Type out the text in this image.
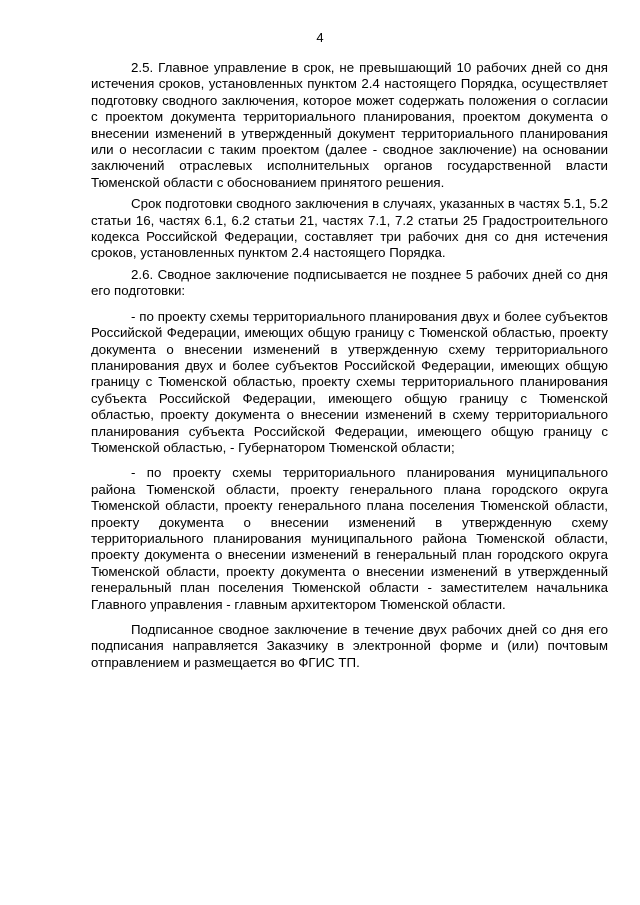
4

2.5. Главное управление в срок, не превышающий 10 рабочих дней со дня истечения сроков, установленных пунктом 2.4 настоящего Порядка, осуществляет подготовку сводного заключения, которое может содержать положения о согласии с проектом документа территориального планирования, проектом документа о внесении изменений в утвержденный документ территориального планирования или о несогласии с таким проектом (далее - сводное заключение) на основании заключений отраслевых исполнительных органов государственной власти Тюменской области с обоснованием принятого решения.

Срок подготовки сводного заключения в случаях, указанных в частях 5.1, 5.2 статьи 16, частях 6.1, 6.2 статьи 21, частях 7.1, 7.2 статьи 25 Градостроительного кодекса Российской Федерации, составляет три рабочих дня со дня истечения сроков, установленных пунктом 2.4 настоящего Порядка.

2.6. Сводное заключение подписывается не позднее 5 рабочих дней со дня его подготовки:

- по проекту схемы территориального планирования двух и более субъектов Российской Федерации, имеющих общую границу с Тюменской областью, проекту документа о внесении изменений в утвержденную схему территориального планирования двух и более субъектов Российской Федерации, имеющих общую границу с Тюменской областью, проекту схемы территориального планирования субъекта Российской Федерации, имеющего общую границу с Тюменской областью, проекту документа о внесении изменений в схему территориального планирования субъекта Российской Федерации, имеющего общую границу с Тюменской областью, - Губернатором Тюменской области;

- по проекту схемы территориального планирования муниципального района Тюменской области, проекту генерального плана городского округа Тюменской области, проекту генерального плана поселения Тюменской области, проекту документа о внесении изменений в утвержденную схему территориального планирования муниципального района Тюменской области, проекту документа о внесении изменений в генеральный план городского округа Тюменской области, проекту документа о внесении изменений в утвержденный генеральный план поселения Тюменской области - заместителем начальника Главного управления - главным архитектором Тюменской области.

Подписанное сводное заключение в течение двух рабочих дней со дня его подписания направляется Заказчику в электронной форме и (или) почтовым отправлением и размещается во ФГИС ТП.
